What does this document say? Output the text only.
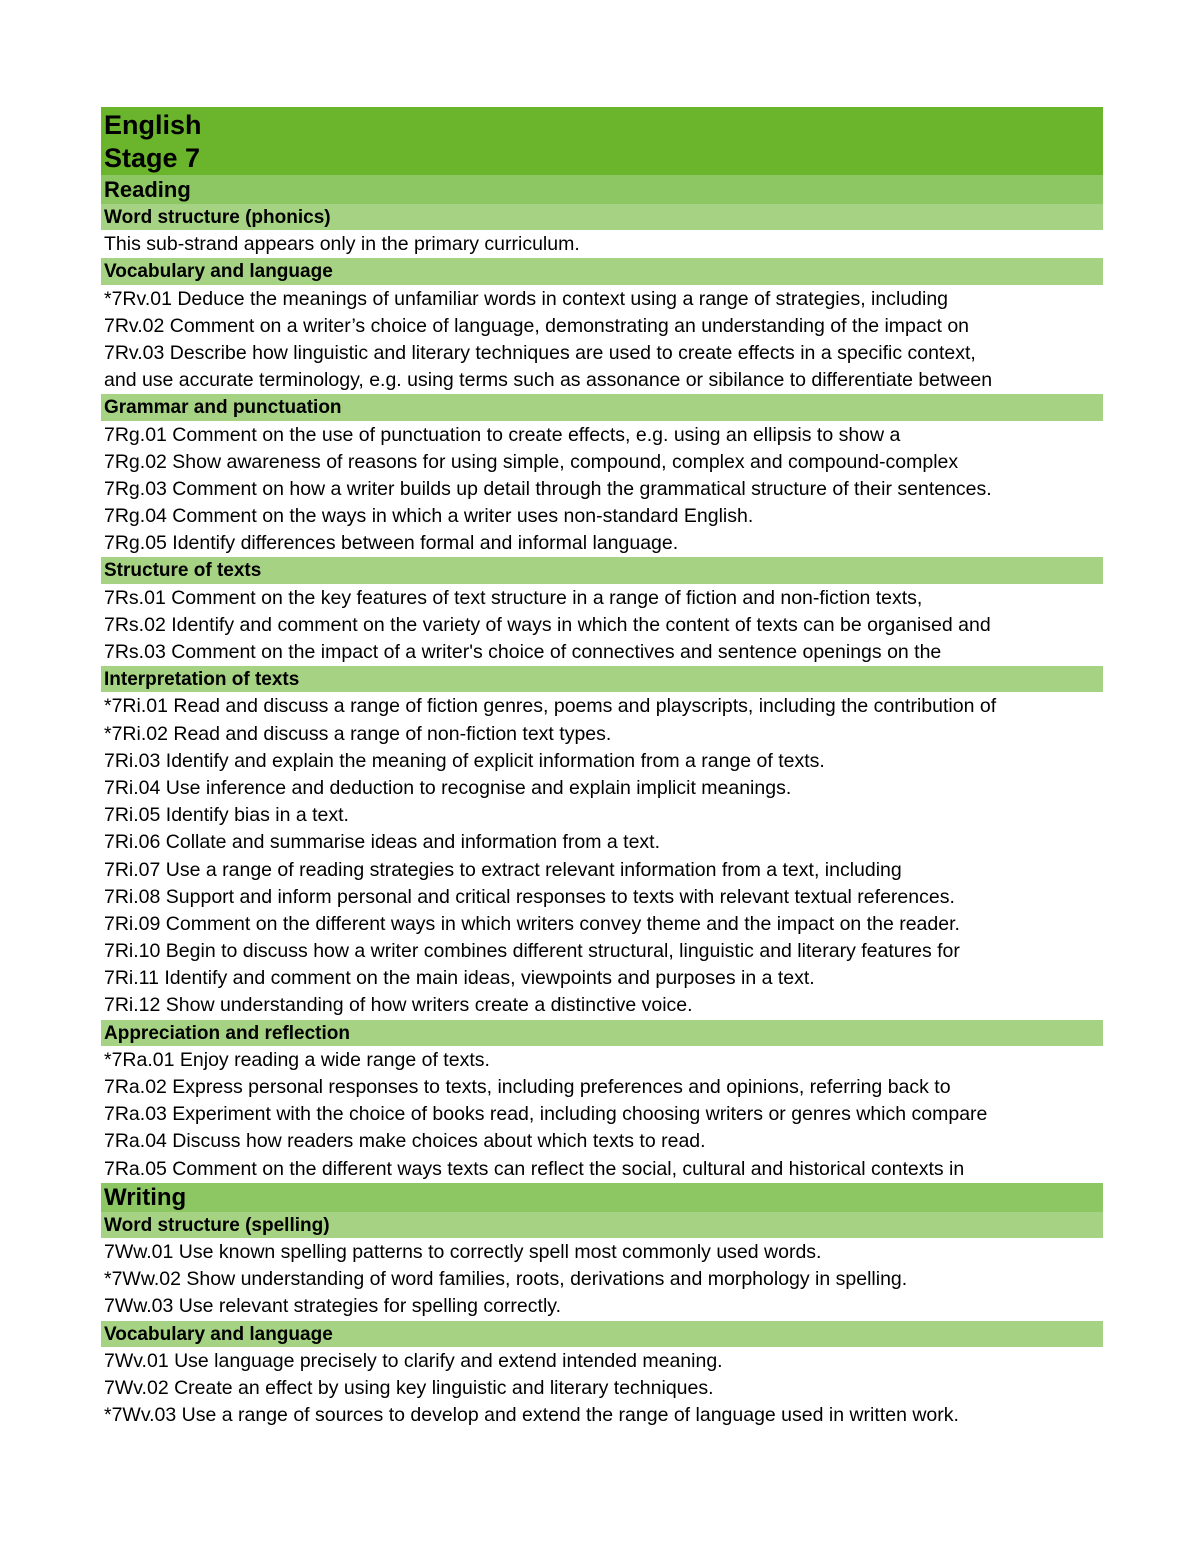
English
Stage 7
Reading
Word structure (phonics)
This sub-strand appears only in the primary curriculum.
Vocabulary and language
*7Rv.01 Deduce the meanings of unfamiliar words in context using a range of strategies, including
7Rv.02 Comment on a writer’s choice of language, demonstrating an understanding of the impact on
7Rv.03 Describe how linguistic and literary techniques are used to create effects in a specific context,
and use accurate terminology, e.g. using terms such as assonance or sibilance to differentiate between
Grammar and punctuation
7Rg.01 Comment on the use of punctuation to create effects, e.g. using an ellipsis to show a
7Rg.02 Show awareness of reasons for using simple, compound, complex and compound-complex
7Rg.03 Comment on how a writer builds up detail through the grammatical structure of their sentences.
7Rg.04 Comment on the ways in which a writer uses non-standard English.
7Rg.05 Identify differences between formal and informal language.
Structure of texts
7Rs.01 Comment on the key features of text structure in a range of fiction and non-fiction texts,
7Rs.02 Identify and comment on the variety of ways in which the content of texts can be organised and
7Rs.03 Comment on the impact of a writer's choice of connectives and sentence openings on the
Interpretation of texts
*7Ri.01 Read and discuss a range of fiction genres, poems and playscripts, including the contribution of
*7Ri.02 Read and discuss a range of non-fiction text types.
7Ri.03 Identify and explain the meaning of explicit information from a range of texts.
7Ri.04 Use inference and deduction to recognise and explain implicit meanings.
7Ri.05 Identify bias in a text.
7Ri.06 Collate and summarise ideas and information from a text.
7Ri.07 Use a range of reading strategies to extract relevant information from a text, including
7Ri.08 Support and inform personal and critical responses to texts with relevant textual references.
7Ri.09 Comment on the different ways in which writers convey theme and the impact on the reader.
7Ri.10 Begin to discuss how a writer combines different structural, linguistic and literary features for
7Ri.11 Identify and comment on the main ideas, viewpoints and purposes in a text.
7Ri.12 Show understanding of how writers create a distinctive voice.
Appreciation and reflection
*7Ra.01 Enjoy reading a wide range of texts.
7Ra.02 Express personal responses to texts, including preferences and opinions, referring back to
7Ra.03 Experiment with the choice of books read, including choosing writers or genres which compare
7Ra.04 Discuss how readers make choices about which texts to read.
7Ra.05 Comment on the different ways texts can reflect the social, cultural and historical contexts in
Writing
Word structure (spelling)
7Ww.01 Use known spelling patterns to correctly spell most commonly used words.
*7Ww.02 Show understanding of word families, roots, derivations and morphology in spelling.
7Ww.03 Use relevant strategies for spelling correctly.
Vocabulary and language
7Wv.01 Use language precisely to clarify and extend intended meaning.
7Wv.02 Create an effect by using key linguistic and literary techniques.
*7Wv.03 Use a range of sources to develop and extend the range of language used in written work.
